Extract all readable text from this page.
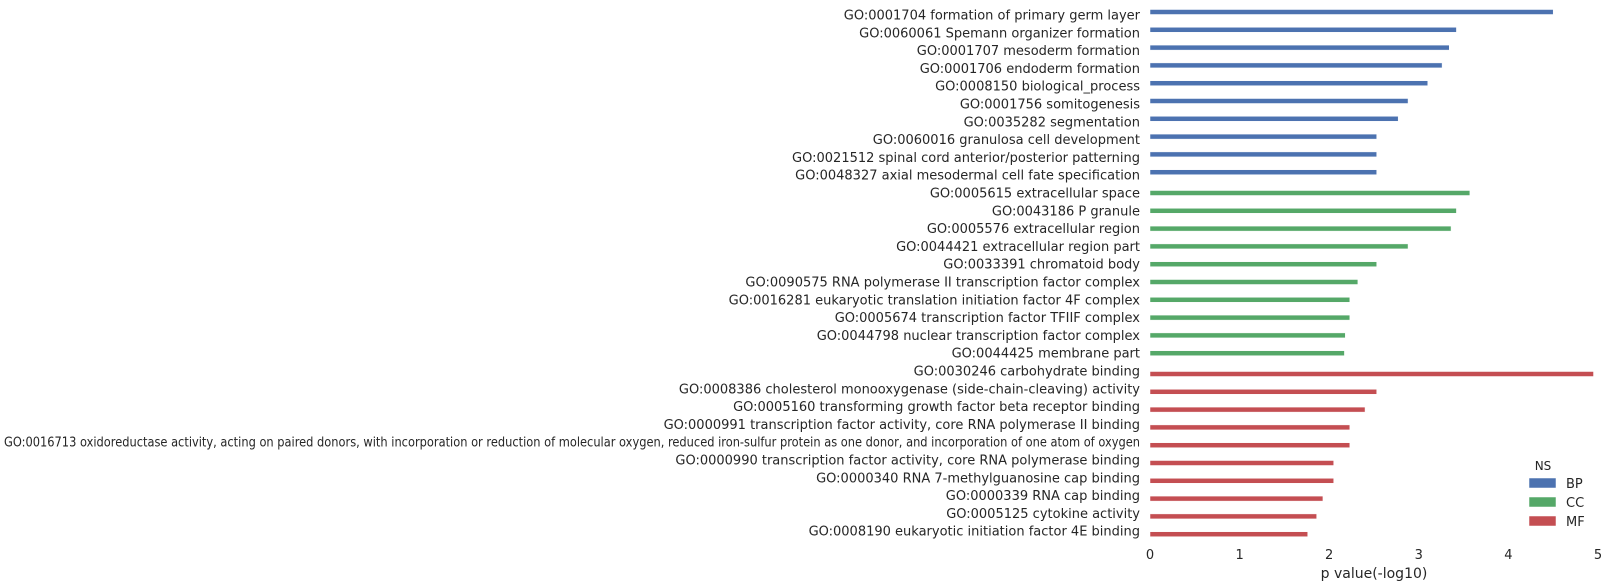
GO:0001704 formation of primary germ layer
GO:0060061 Spemann organizer formation
GO:0001707 mesoderm formation
GO:0001706 endoderm formation
GO:0008150 biological_process
GO:0001756 somitogenesis
GO:0035282 segmentation
GO:0060016 granulosa cell development
GO:0021512 spinal cord anterior/posterior patterning
GO:0048327 axial mesodermal cell fate specification
GO:0005615 extracellular space
GO:0043186 P granule
GO:0005576 extracellular region
GO:0044421 extracellular region part
GO:0033391 chromatoid body
GO:0090575 RNA polymerase II transcription factor complex
GO:0016281 eukaryotic translation initiation factor 4F complex
GO:0005674 transcription factor TFIIF complex
GO:0044798 nuclear transcription factor complex
GO:0044425 membrane part
GO:0030246 carbohydrate binding
GO:0008386 cholesterol monooxygenase (side-chain-cleaving) activity
GO:0005160 transforming growth factor beta receptor binding
GO:0000991 transcription factor activity, core RNA polymerase II binding
GO:0016713 oxidoreductase activity, acting on paired donors, with incorporation or reduction of molecular oxygen, reduced iron-sulfur protein as one donor, and incorporation of one atom of oxygen
GO:0000990 transcription factor activity, core RNA polymerase binding
GO:0000340 RNA 7-methylguanosine cap binding
GO:0000339 RNA cap binding
GO:0005125 cytokine activity
GO:0008190 eukaryotic initiation factor 4E binding
0	1	2	3	4	5
p value(-log10)
NS
BP
CC
MF
